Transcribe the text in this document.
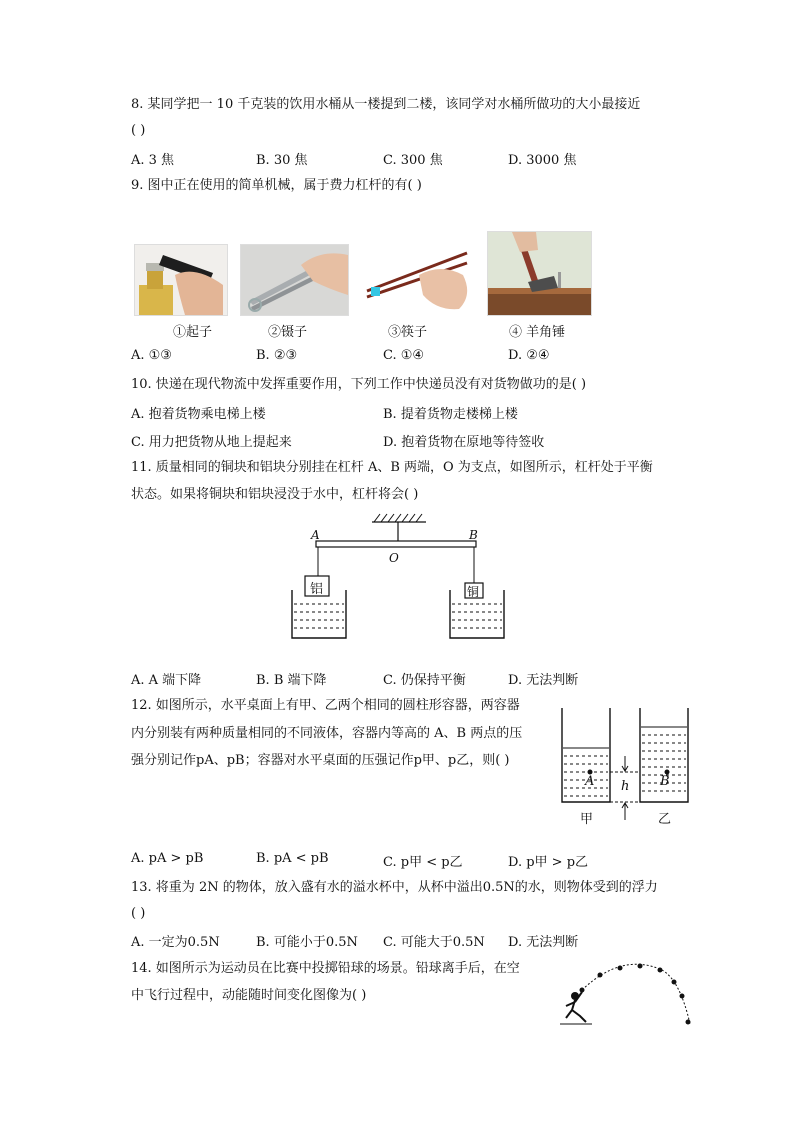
8. 某同学把一 10 千克装的饮用水桶从一楼提到二楼，该同学对水桶所做功的大小最接近
( )
A. 3 焦	B. 30 焦	C. 300 焦	D. 3000 焦
9. 图中正在使用的简单机械，属于费力杠杆的有( )
①起子	②镊子	③筷子	④ 羊角锤
A. ①③	B. ②③	C. ①④	D. ②④
10. 快递在现代物流中发挥重要作用，下列工作中快递员没有对货物做功的是( )
A. 抱着货物乘电梯上楼	B. 提着货物走楼梯上楼
C. 用力把货物从地上提起来	D. 抱着货物在原地等待签收
11. 质量相同的铜块和铝块分别挂在杠杆 A、B 两端，O 为支点，如图所示，杠杆处于平衡
状态。如果将铜块和铝块浸没于水中，杠杆将会( )
A	B
O
铝	铜
A. A 端下降	B. B 端下降	C. 仍保持平衡	D. 无法判断
12. 如图所示，水平桌面上有甲、乙两个相同的圆柱形容器，两容器
内分别装有两种质量相同的不同液体，容器内等高的 A、B 两点的压
强分别记作pA、pB；容器对水平桌面的压强记作p甲、p乙，则( )
A	B
h
甲	乙
A. pA > pB	B. pA < pB	C. p甲 < p乙	D. p甲 > p乙
13. 将重为 2N 的物体，放入盛有水的溢水杯中，从杯中溢出0.5N的水，则物体受到的浮力
( )
A. 一定为0.5N	B. 可能小于0.5N C. 可能大于0.5N D. 无法判断
14. 如图所示为运动员在比赛中投掷铅球的场景。铅球离手后，在空
中飞行过程中，动能随时间变化图像为( )
